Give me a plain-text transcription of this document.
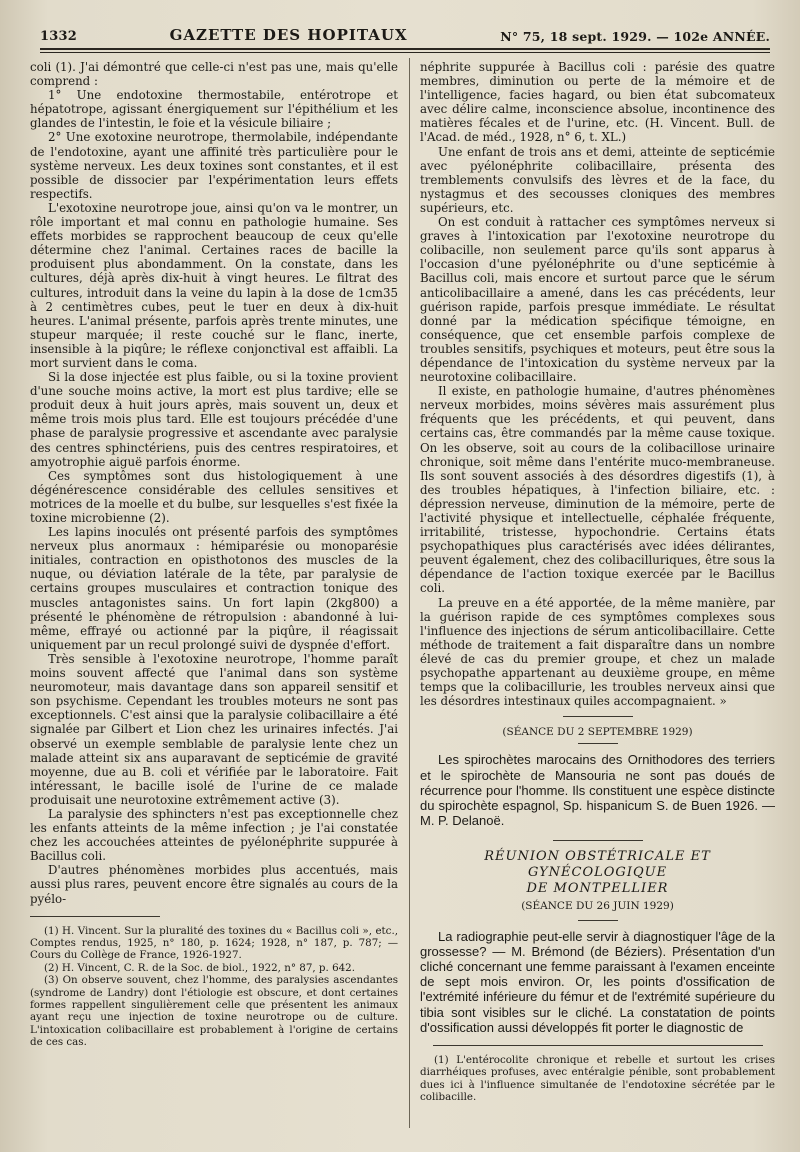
1332	GAZETTE DES HOPITAUX	N° 75, 18 sept. 1929. — 102e ANNÉE.

coli (1). J'ai démontré que celle-ci n'est pas une, mais qu'elle comprend :

1° Une endotoxine thermostabile, entérotrope et hépatotrope, agissant énergiquement sur l'épithélium et les glandes de l'intestin, le foie et la vésicule biliaire ;

2° Une exotoxine neurotrope, thermolabile, indépendante de l'endotoxine, ayant une affinité très particulière pour le système nerveux. Les deux toxines sont constantes, et il est possible de dissocier par l'expérimentation leurs effets respectifs.

L'exotoxine neurotrope joue, ainsi qu'on va le montrer, un rôle important et mal connu en pathologie humaine. Ses effets morbides se rapprochent beaucoup de ceux qu'elle détermine chez l'animal. Certaines races de bacille la produisent plus abondamment. On la constate, dans les cultures, déjà après dix-huit à vingt heures. Le filtrat des cultures, introduit dans la veine du lapin à la dose de 1cm35 à 2 centimètres cubes, peut le tuer en deux à dix-huit heures. L'animal présente, parfois après trente minutes, une stupeur marquée; il reste couché sur le flanc, inerte, insensible à la piqûre; le réflexe conjonctival est affaibli. La mort survient dans le coma.

Si la dose injectée est plus faible, ou si la toxine provient d'une souche moins active, la mort est plus tardive; elle se produit deux à huit jours après, mais souvent un, deux et même trois mois plus tard. Elle est toujours précédée d'une phase de paralysie progressive et ascendante avec paralysie des centres sphinctériens, puis des centres respiratoires, et amyotrophie aiguë parfois énorme.

Ces symptômes sont dus histologiquement à une dégénérescence considérable des cellules sensitives et motrices de la moelle et du bulbe, sur lesquelles s'est fixée la toxine microbienne (2).

Les lapins inoculés ont présenté parfois des symptômes nerveux plus anormaux : hémiparésie ou monoparésie initiales, contraction en opisthotonos des muscles de la nuque, ou déviation latérale de la tête, par paralysie de certains groupes musculaires et contraction tonique des muscles antagonistes sains. Un fort lapin (2kg800) a présenté le phénomène de rétropulsion : abandonné à lui-même, effrayé ou actionné par la piqûre, il réagissait uniquement par un recul prolongé suivi de dyspnée d'effort.

Très sensible à l'exotoxine neurotrope, l'homme paraît moins souvent affecté que l'animal dans son système neuromoteur, mais davantage dans son appareil sensitif et son psychisme. Cependant les troubles moteurs ne sont pas exceptionnels. C'est ainsi que la paralysie colibacillaire a été signalée par Gilbert et Lion chez les urinaires infectés. J'ai observé un exemple semblable de paralysie lente chez un malade atteint six ans auparavant de septicémie de gravité moyenne, due au B. coli et vérifiée par le laboratoire. Fait intéressant, le bacille isolé de l'urine de ce malade produisait une neurotoxine extrêmement active (3).

La paralysie des sphincters n'est pas exceptionnelle chez les enfants atteints de la même infection ; je l'ai constatée chez les accouchées atteintes de pyélonéphrite suppurée à Bacillus coli.

D'autres phénomènes morbides plus accentués, mais aussi plus rares, peuvent encore être signalés au cours de la pyélo-

(1) H. Vincent. Sur la pluralité des toxines du « Bacillus coli », etc., Comptes rendus, 1925, n° 180, p. 1624; 1928, n° 187, p. 787; — Cours du Collège de France, 1926-1927.

(2) H. Vincent, C. R. de la Soc. de biol., 1922, n° 87, p. 642.

(3) On observe souvent, chez l'homme, des paralysies ascendantes (syndrome de Landry) dont l'étiologie est obscure, et dont certaines formes rappellent singulièrement celle que présentent les animaux ayant reçu une injection de toxine neurotrope ou de culture. L'intoxication colibacillaire est probablement à l'origine de certains de ces cas.

néphrite suppurée à Bacillus coli : parésie des quatre membres, diminution ou perte de la mémoire et de l'intelligence, facies hagard, ou bien état subcomateux avec délire calme, inconscience absolue, incontinence des matières fécales et de l'urine, etc. (H. Vincent. Bull. de l'Acad. de méd., 1928, n° 6, t. XL.)

Une enfant de trois ans et demi, atteinte de septicémie avec pyélonéphrite colibacillaire, présenta des tremblements convulsifs des lèvres et de la face, du nystagmus et des secousses cloniques des membres supérieurs, etc.

On est conduit à rattacher ces symptômes nerveux si graves à l'intoxication par l'exotoxine neurotrope du colibacille, non seulement parce qu'ils sont apparus à l'occasion d'une pyélonéphrite ou d'une septicémie à Bacillus coli, mais encore et surtout parce que le sérum anticolibacillaire a amené, dans les cas précédents, leur guérison rapide, parfois presque immédiate. Le résultat donné par la médication spécifique témoigne, en conséquence, que cet ensemble parfois complexe de troubles sensitifs, psychiques et moteurs, peut être sous la dépendance de l'intoxication du système nerveux par la neurotoxine colibacillaire.

Il existe, en pathologie humaine, d'autres phénomènes nerveux morbides, moins sévères mais assurément plus fréquents que les précédents, et qui peuvent, dans certains cas, être commandés par la même cause toxique. On les observe, soit au cours de la colibacillose urinaire chronique, soit même dans l'entérite muco-membraneuse. Ils sont souvent associés à des désordres digestifs (1), à des troubles hépatiques, à l'infection biliaire, etc. : dépression nerveuse, diminution de la mémoire, perte de l'activité physique et intellectuelle, céphalée fréquente, irritabilité, tristesse, hypochondrie. Certains états psychopathiques plus caractérisés avec idées délirantes, peuvent également, chez des colibacilluriques, être sous la dépendance de l'action toxique exercée par le Bacillus coli.

La preuve en a été apportée, de la même manière, par la guérison rapide de ces symptômes complexes sous l'influence des injections de sérum anticolibacillaire. Cette méthode de traitement a fait disparaître dans un nombre élevé de cas du premier groupe, et chez un malade psychopathe appartenant au deuxième groupe, en même temps que la colibacillurie, les troubles nerveux ainsi que les désordres intestinaux quiles accompagnaient. »

(SÉANCE DU 2 SEPTEMBRE 1929)

Les spirochètes marocains des Ornithodores des terriers et le spirochète de Mansouria ne sont pas doués de récurrence pour l'homme. Ils constituent une espèce distincte du spirochète espagnol, Sp. hispanicum S. de Buen 1926. — M. P. Delanoë.

RÉUNION OBSTÉTRICALE ET GYNÉCOLOGIQUE
DE MONTPELLIER
(SÉANCE DU 26 JUIN 1929)

La radiographie peut-elle servir à diagnostiquer l'âge de la grossesse? — M. Brémond (de Béziers). Présentation d'un cliché concernant une femme paraissant à l'examen enceinte de sept mois environ. Or, les points d'ossification de l'extrémité inférieure du fémur et de l'extrémité supérieure du tibia sont visibles sur le cliché. La constatation de points d'ossification aussi développés fit porter le diagnostic de

(1) L'entérocolite chronique et rebelle et surtout les crises diarrhéiques profuses, avec entéralgie pénible, sont probablement dues ici à l'influence simultanée de l'endotoxine sécrétée par le colibacille.
